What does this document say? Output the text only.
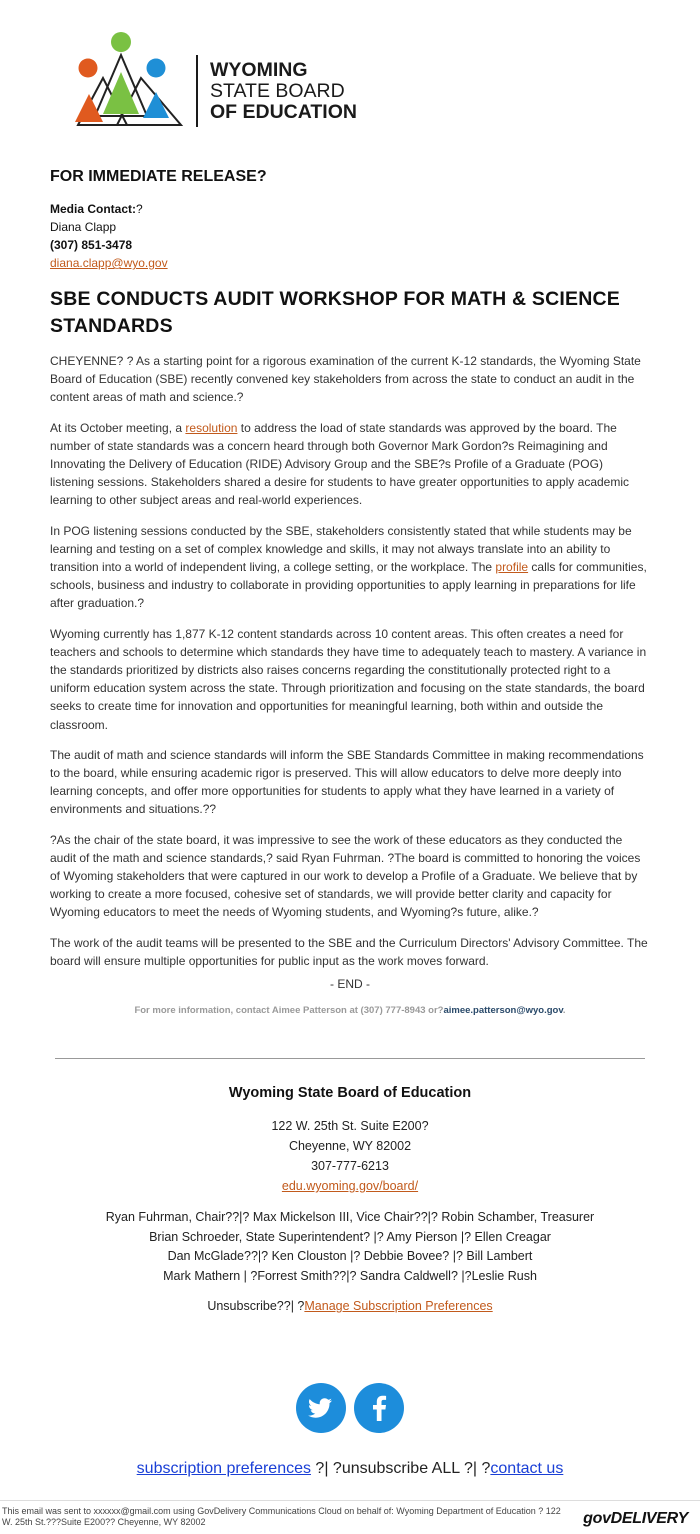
WYOMING
STATE BOARD
OF EDUCATION
FOR IMMEDIATE RELEASE?
Media Contact:?
Diana Clapp
(307) 851-3478
diana.clapp@wyo.gov
SBE CONDUCTS AUDIT WORKSHOP FOR MATH & SCIENCE STANDARDS

CHEYENNE? ? As a starting point for a rigorous examination of the current K-12 standards, the Wyoming State Board of Education (SBE) recently convened key stakeholders from across the state to conduct an audit in the content areas of math and science.?

At its October meeting, a resolution to address the load of state standards was approved by the board. The number of state standards was a concern heard through both Governor Mark Gordon?s Reimagining and Innovating the Delivery of Education (RIDE) Advisory Group and the SBE?s Profile of a Graduate (POG) listening sessions. Stakeholders shared a desire for students to have greater opportunities to apply academic learning to other subject areas and real-world experiences.

In POG listening sessions conducted by the SBE, stakeholders consistently stated that while students may be learning and testing on a set of complex knowledge and skills, it may not always translate into an ability to transition into a world of independent living, a college setting, or the workplace. The profile calls for communities, schools, business and industry to collaborate in providing opportunities to apply learning in preparations for life after graduation.?

Wyoming currently has 1,877 K-12 content standards across 10 content areas. This often creates a need for teachers and schools to determine which standards they have time to adequately teach to mastery. A variance in the standards prioritized by districts also raises concerns regarding the constitutionally protected right to a uniform education system across the state. Through prioritization and focusing on the state standards, the board seeks to create time for innovation and opportunities for meaningful learning, both within and outside the classroom.

The audit of math and science standards will inform the SBE Standards Committee in making recommendations to the board, while ensuring academic rigor is preserved. This will allow educators to delve more deeply into learning concepts, and offer more opportunities for students to apply what they have learned in a variety of environments and situations.??

?As the chair of the state board, it was impressive to see the work of these educators as they conducted the audit of the math and science standards,? said Ryan Fuhrman. ?The board is committed to honoring the voices of Wyoming stakeholders that were captured in our work to develop a Profile of a Graduate. We believe that by working to create a more focused, cohesive set of standards, we will provide better clarity and capacity for Wyoming educators to meet the needs of Wyoming students, and Wyoming?s future, alike.?

The work of the audit teams will be presented to the SBE and the Curriculum Directors' Advisory Committee. The board will ensure multiple opportunities for public input as the work moves forward.

- END -
For more information, contact Aimee Patterson at (307) 777-8943 or?aimee.patterson@wyo.gov.
Wyoming State Board of Education
122 W. 25th St. Suite E200?
Cheyenne, WY 82002
307-777-6213
edu.wyoming.gov/board/
Ryan Fuhrman, Chair??|? Max Mickelson III, Vice Chair??|? Robin Schamber, Treasurer
Brian Schroeder, State Superintendent? |? Amy Pierson |? Ellen Creagar
Dan McGlade??|? Ken Clouston |? Debbie Bovee? |? Bill Lambert
Mark Mathern | ?Forrest Smith??|? Sandra Caldwell? |?Leslie Rush
Unsubscribe??| ?Manage Subscription Preferences
subscription preferences ?| ?unsubscribe ALL ?| ?contact us
This email was sent to xxxxxx@gmail.com using GovDelivery Communications Cloud on behalf of: Wyoming Department of Education ? 122 W. 25th St.???Suite E200?? Cheyenne, WY 82002	govDELIVERY
